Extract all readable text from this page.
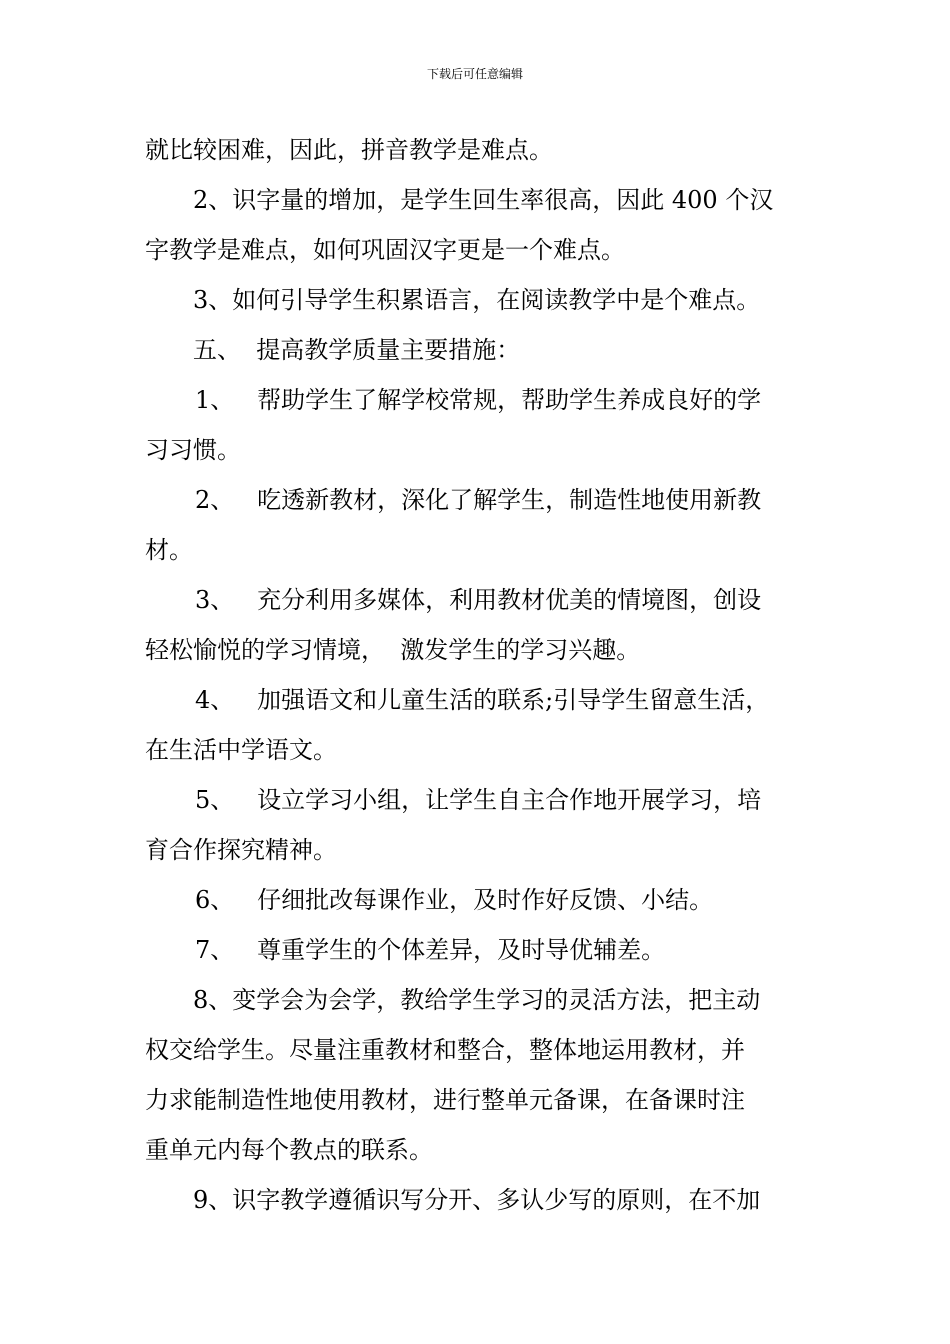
下载后可任意编辑
就比较困难，因此，拼音教学是难点。
2、识字量的增加，是学生回生率很高，因此 400 个汉
字教学是难点，如何巩固汉字更是一个难点。
3、如何引导学生积累语言，在阅读教学中是个难点。
五、  提高教学质量主要措施：
1、   帮助学生了解学校常规，帮助学生养成良好的学
习习惯。
2、   吃透新教材，深化了解学生，制造性地使用新教
材。
3、   充分利用多媒体，利用教材优美的情境图，创设
轻松愉悦的学习情境，  激发学生的学习兴趣。
4、   加强语文和儿童生活的联系;引导学生留意生活，
在生活中学语文。
5、   设立学习小组，让学生自主合作地开展学习，培
育合作探究精神。
6、   仔细批改每课作业，及时作好反馈、小结。
7、   尊重学生的个体差异，及时导优辅差。
8、变学会为会学，教给学生学习的灵活方法，把主动
权交给学生。尽量注重教材和整合，整体地运用教材，并
力求能制造性地使用教材，进行整单元备课，在备课时注
重单元内每个教点的联系。
9、识字教学遵循识写分开、多认少写的原则，在不加
